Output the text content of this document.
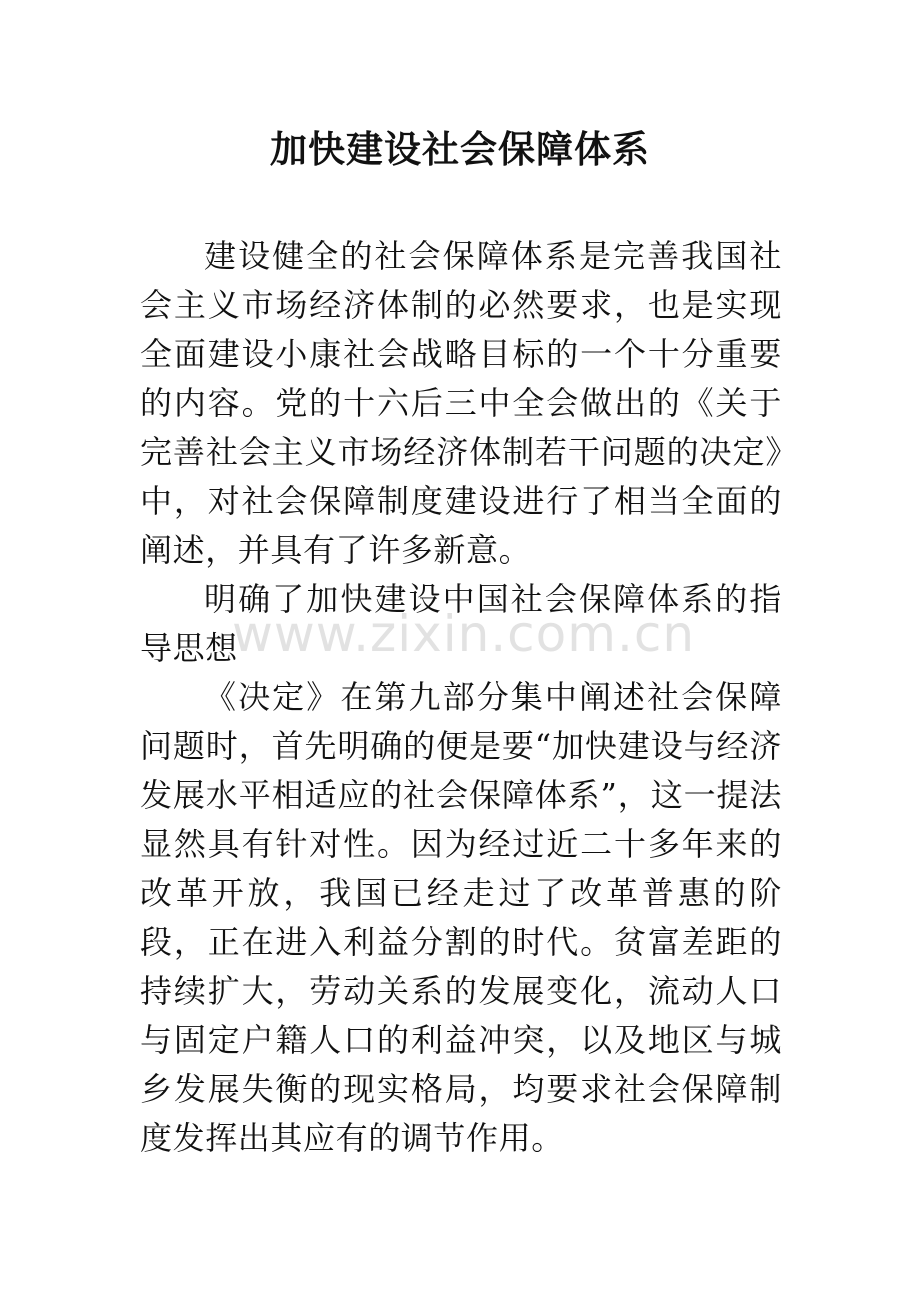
加快建设社会保障体系

建设健全的社会保障体系是完善我国社会主义市场经济体制的必然要求，也是实现全面建设小康社会战略目标的一个十分重要的内容。党的十六后三中全会做出的《关于完善社会主义市场经济体制若干问题的决定》中，对社会保障制度建设进行了相当全面的阐述，并具有了许多新意。

明确了加快建设中国社会保障体系的指导思想

《决定》在第九部分集中阐述社会保障问题时，首先明确的便是要“加快建设与经济发展水平相适应的社会保障体系”，这一提法显然具有针对性。因为经过近二十多年来的改革开放，我国已经走过了改革普惠的阶段，正在进入利益分割的时代。贫富差距的持续扩大，劳动关系的发展变化，流动人口与固定户籍人口的利益冲突，以及地区与城乡发展失衡的现实格局，均要求社会保障制度发挥出其应有的调节作用。

www.zixin.com.cn
